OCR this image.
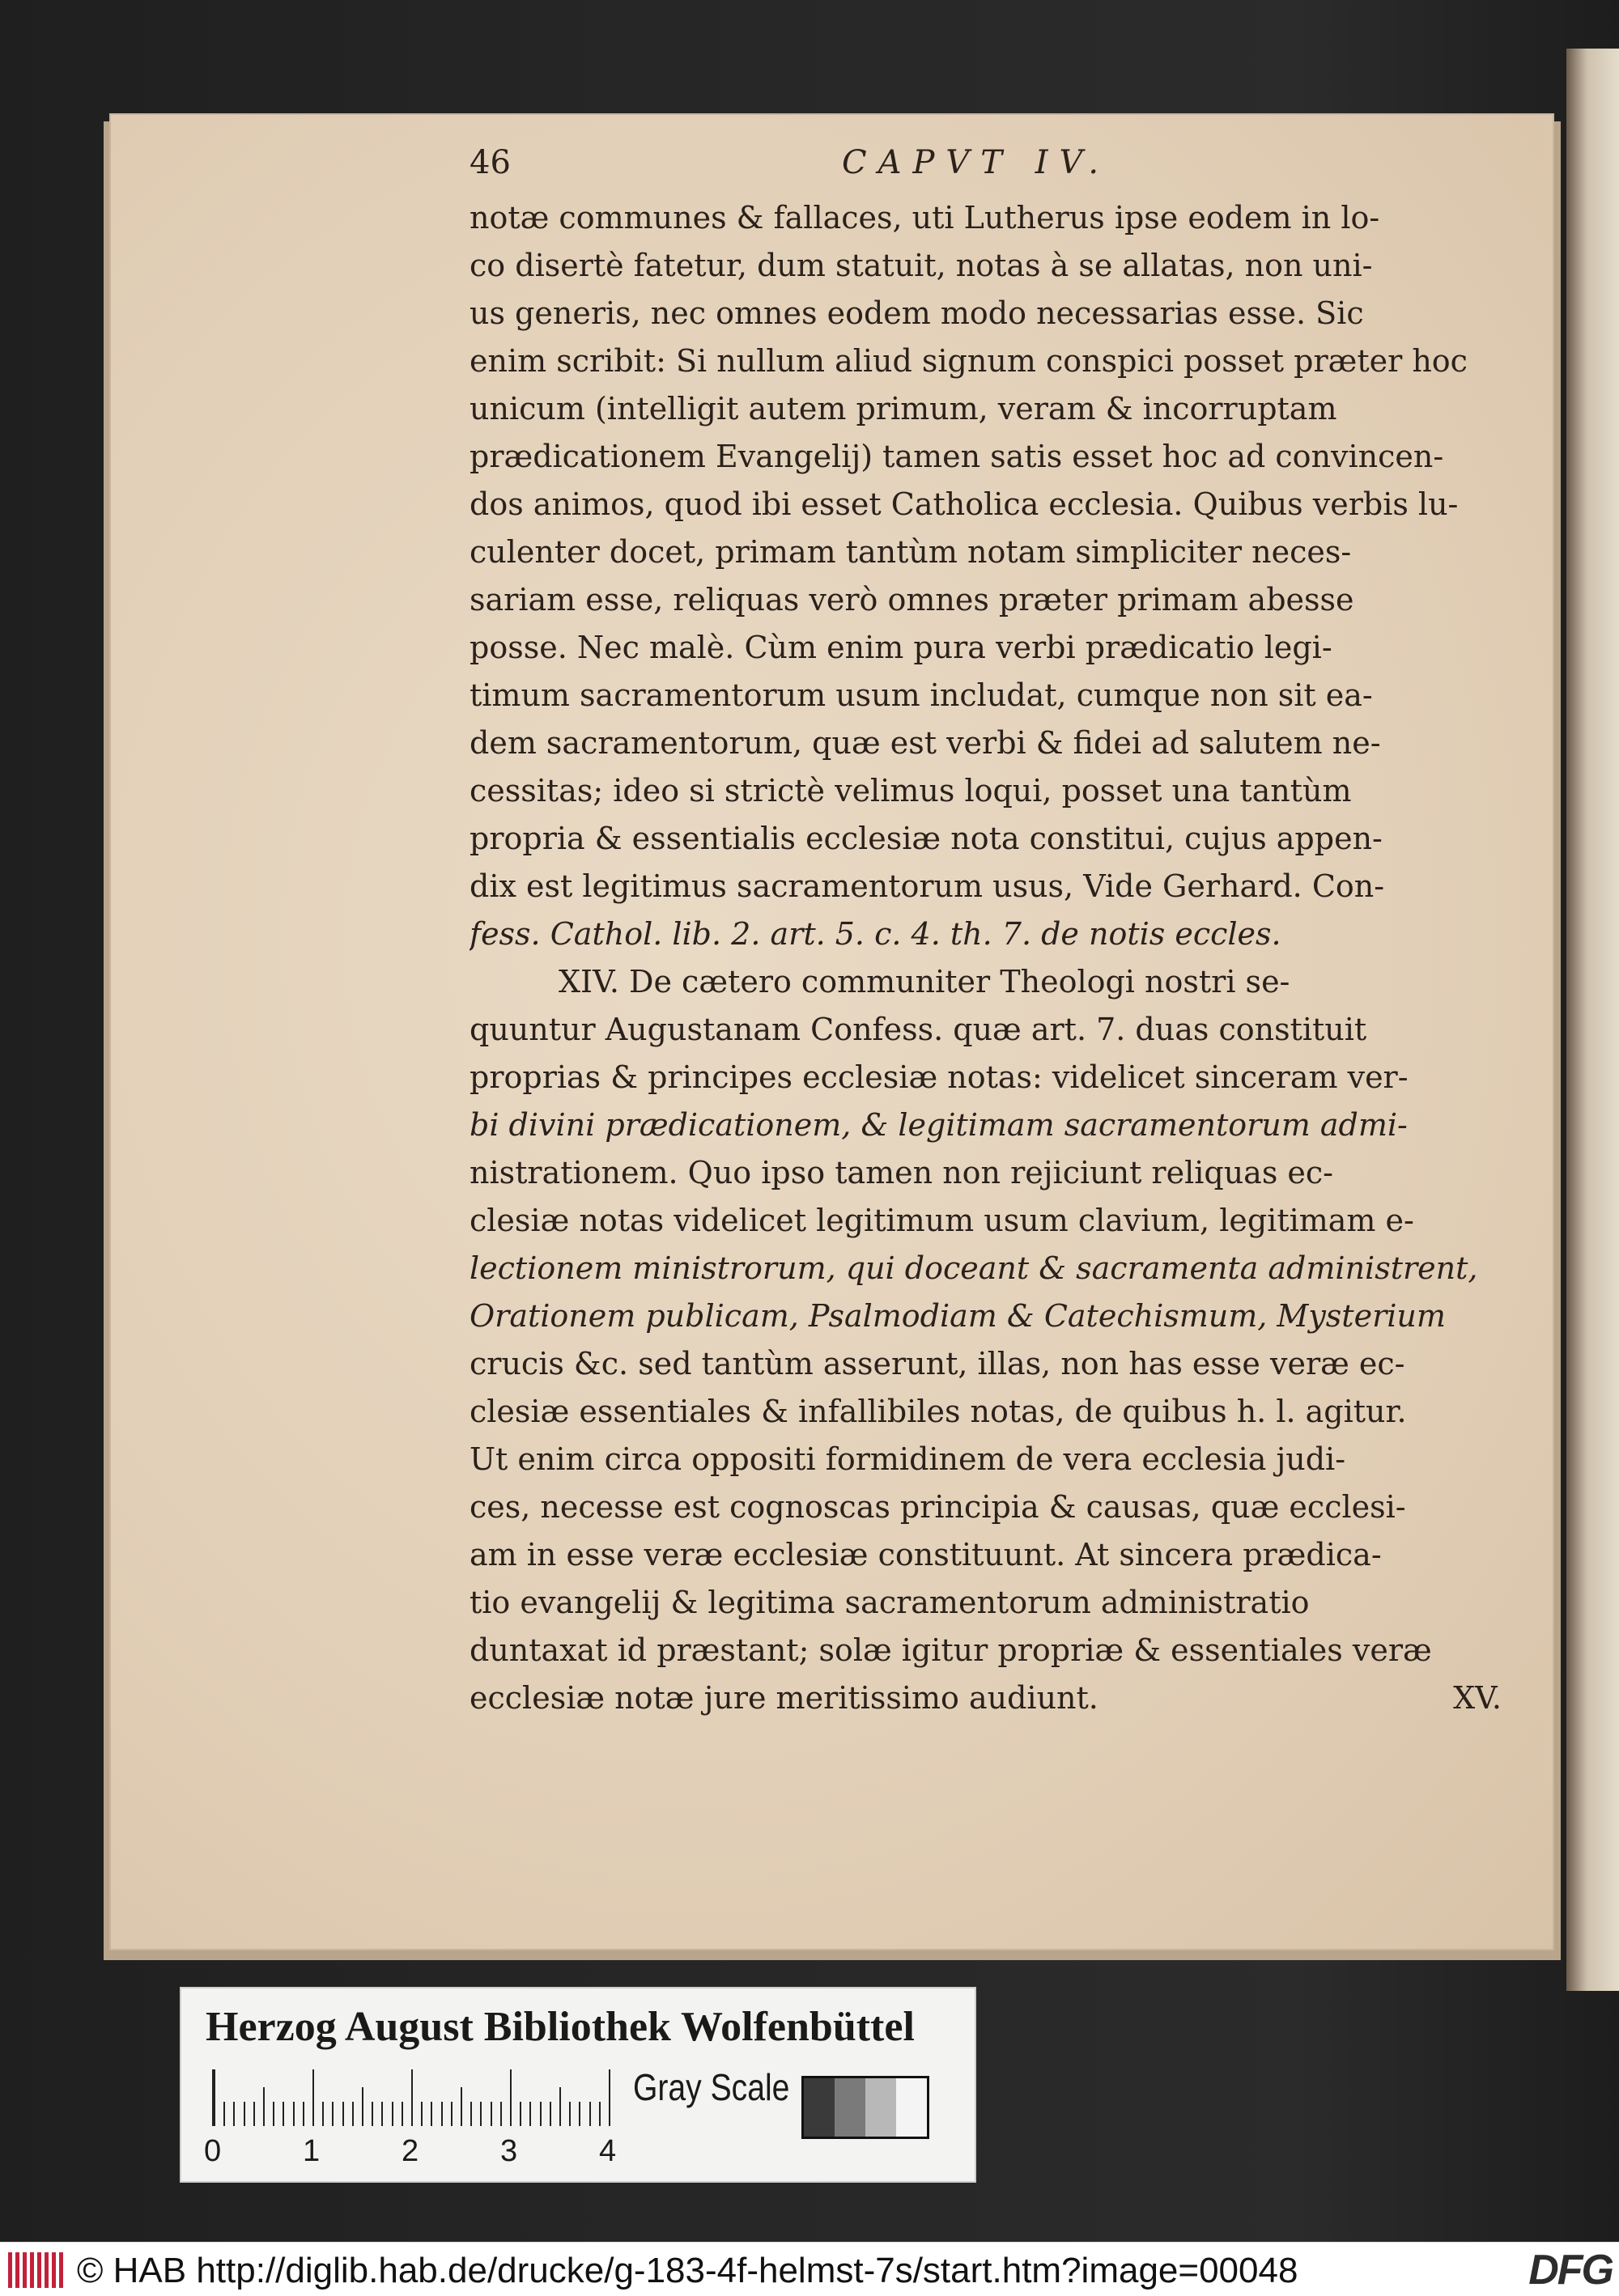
46	CAPVT IV.
notæ communes & fallaces, uti Lutherus ipse eodem in lo-
co disertè fatetur, dum statuit, notas à se allatas, non uni-
us generis, nec omnes eodem modo necessarias esse. Sic
enim scribit: Si nullum aliud signum conspici posset præter hoc
unicum (intelligit autem primum, veram & incorruptam
prædicationem Evangelij) tamen satis esset hoc ad convincen-
dos animos, quod ibi esset Catholica ecclesia. Quibus verbis lu-
culenter docet, primam tantùm notam simpliciter neces-
sariam esse, reliquas verò omnes præter primam abesse
posse. Nec malè. Cùm enim pura verbi prædicatio legi-
timum sacramentorum usum includat, cumque non sit ea-
dem sacramentorum, quæ est verbi & fidei ad salutem ne-
cessitas; ideo si strictè velimus loqui, posset una tantùm
propria & essentialis ecclesiæ nota constitui, cujus appen-
dix est legitimus sacramentorum usus, Vide Gerhard. Con-
fess. Cathol. lib. 2. art. 5. c. 4. th. 7. de notis eccles.
XIV. De cætero communiter Theologi nostri se-
quuntur Augustanam Confess. quæ art. 7. duas constituit
proprias & principes ecclesiæ notas: videlicet sinceram ver-
bi divini prædicationem, & legitimam sacramentorum admi-
nistrationem. Quo ipso tamen non rejiciunt reliquas ec-
clesiæ notas videlicet legitimum usum clavium, legitimam e-
lectionem ministrorum, qui doceant & sacramenta administrent,
Orationem publicam, Psalmodiam & Catechismum, Mysterium
crucis &c. sed tantùm asserunt, illas, non has esse veræ ec-
clesiæ essentiales & infallibiles notas, de quibus h. l. agitur.
Ut enim circa oppositi formidinem de vera ecclesia judi-
ces, necesse est cognoscas principia & causas, quæ ecclesi-
am in esse veræ ecclesiæ constituunt. At sincera prædica-
tio evangelij & legitima sacramentorum administratio
duntaxat id præstant; solæ igitur propriæ & essentiales veræ
ecclesiæ notæ jure meritissimo audiunt.	XV.
Herzog August Bibliothek Wolfenbüttel
0	1	2	3	4
Gray Scale
© HAB http://diglib.hab.de/drucke/g-183-4f-helmst-7s/start.htm?image=00048	DFG
